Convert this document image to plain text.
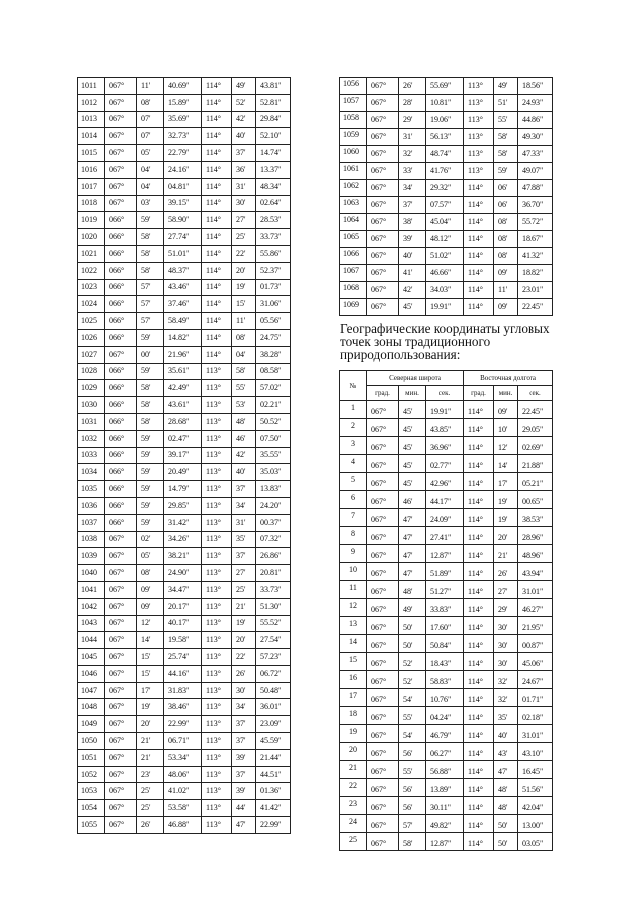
1011	067°	11'	40.69"	114°	49'	43.81"
1012	067°	08'	15.89"	114°	52'	52.81"
1013	067°	07'	35.69"	114°	42'	29.84"
1014	067°	07'	32.73"	114°	40'	52.10"
1015	067°	05'	22.79"	114°	37'	14.74"
1016	067°	04'	24.16"	114°	36'	13.37"
1017	067°	04'	04.81"	114°	31'	48.34"
1018	067°	03'	39.15"	114°	30'	02.64"
1019	066°	59'	58.90"	114°	27'	28.53"
1020	066°	58'	27.74"	114°	25'	33.73"
1021	066°	58'	51.01"	114°	22'	55.86"
1022	066°	58'	48.37"	114°	20'	52.37"
1023	066°	57'	43.46"	114°	19'	01.73"
1024	066°	57'	37.46"	114°	15'	31.06"
1025	066°	57'	58.49"	114°	11'	05.56"
1026	066°	59'	14.82"	114°	08'	24.75"
1027	067°	00'	21.96"	114°	04'	38.28"
1028	066°	59'	35.61"	113°	58'	08.58"
1029	066°	58'	42.49"	113°	55'	57.02"
1030	066°	58'	43.61"	113°	53'	02.21"
1031	066°	58'	28.68"	113°	48'	50.52"
1032	066°	59'	02.47"	113°	46'	07.50"
1033	066°	59'	39.17"	113°	42'	35.55"
1034	066°	59'	20.49"	113°	40'	35.03"
1035	066°	59'	14.79"	113°	37'	13.83"
1036	066°	59'	29.85"	113°	34'	24.20"
1037	066°	59'	31.42"	113°	31'	00.37"
1038	067°	02'	34.26"	113°	35'	07.32"
1039	067°	05'	38.21"	113°	37'	26.86"
1040	067°	08'	24.90"	113°	27'	20.81"
1041	067°	09'	34.47"	113°	25'	33.73"
1042	067°	09'	20.17"	113°	21'	51.30"
1043	067°	12'	40.17"	113°	19'	55.52"
1044	067°	14'	19.58"	113°	20'	27.54"
1045	067°	15'	25.74"	113°	22'	57.23"
1046	067°	15'	44.16"	113°	26'	06.72"
1047	067°	17'	31.83"	113°	30'	50.48"
1048	067°	19'	38.46"	113°	34'	36.01"
1049	067°	20'	22.99"	113°	37'	23.09"
1050	067°	21'	06.71"	113°	37'	45.59"
1051	067°	21'	53.34"	113°	39'	21.44"
1052	067°	23'	48.06"	113°	37'	44.51"
1053	067°	25'	41.02"	113°	39'	01.36"
1054	067°	25'	53.58"	113°	44'	41.42"
1055	067°	26'	46.88"	113°	47'	22.99"
1056	067°	26'	55.69"	113°	49'	18.56"
1057	067°	28'	10.81"	113°	51'	24.93"
1058	067°	29'	19.06"	113°	55'	44.86"
1059	067°	31'	56.13"	113°	58'	49.30"
1060	067°	32'	48.74"	113°	58'	47.33"
1061	067°	33'	41.76"	113°	59'	49.07"
1062	067°	34'	29.32"	114°	06'	47.88"
1063	067°	37'	07.57"	114°	06'	36.70"
1064	067°	38'	45.04"	114°	08'	55.72"
1065	067°	39'	48.12"	114°	08'	18.67"
1066	067°	40'	51.02"	114°	08'	41.32"
1067	067°	41'	46.66"	114°	09'	18.82"
1068	067°	42'	34.03"	114°	11'	23.01"
1069	067°	45'	19.91"	114°	09'	22.45"
Географические координаты угловых точек зоны традиционного природопользования:
№	Северная широта			Восточная долгота		
	град.	мин.	сек.	град.	мин.	сек.
1	067°	45'	19.91"	114°	09'	22.45"
2	067°	45'	43.85"	114°	10'	29.05"
3	067°	45'	36.96"	114°	12'	02.69"
4	067°	45'	02.77"	114°	14'	21.88"
5	067°	45'	42.96"	114°	17'	05.21"
6	067°	46'	44.17"	114°	19'	00.65"
7	067°	47'	24.09"	114°	19'	38.53"
8	067°	47'	27.41"	114°	20'	28.96"
9	067°	47'	12.87"	114°	21'	48.96"
10	067°	47'	51.89"	114°	26'	43.94"
11	067°	48'	51.27"	114°	27'	31.01"
12	067°	49'	33.83"	114°	29'	46.27"
13	067°	50'	17.60"	114°	30'	21.95"
14	067°	50'	50.84"	114°	30'	00.87"
15	067°	52'	18.43"	114°	30'	45.06"
16	067°	52'	58.83"	114°	32'	24.67"
17	067°	54'	10.76"	114°	32'	01.71"
18	067°	55'	04.24"	114°	35'	02.18"
19	067°	54'	46.79"	114°	40'	31.01"
20	067°	56'	06.27"	114°	43'	43.10"
21	067°	55'	56.88"	114°	47'	16.45"
22	067°	56'	13.89"	114°	48'	51.56"
23	067°	56'	30.11"	114°	48'	42.04"
24	067°	57'	49.82"	114°	50'	13.00"
25	067°	58'	12.87"	114°	50'	03.05"
